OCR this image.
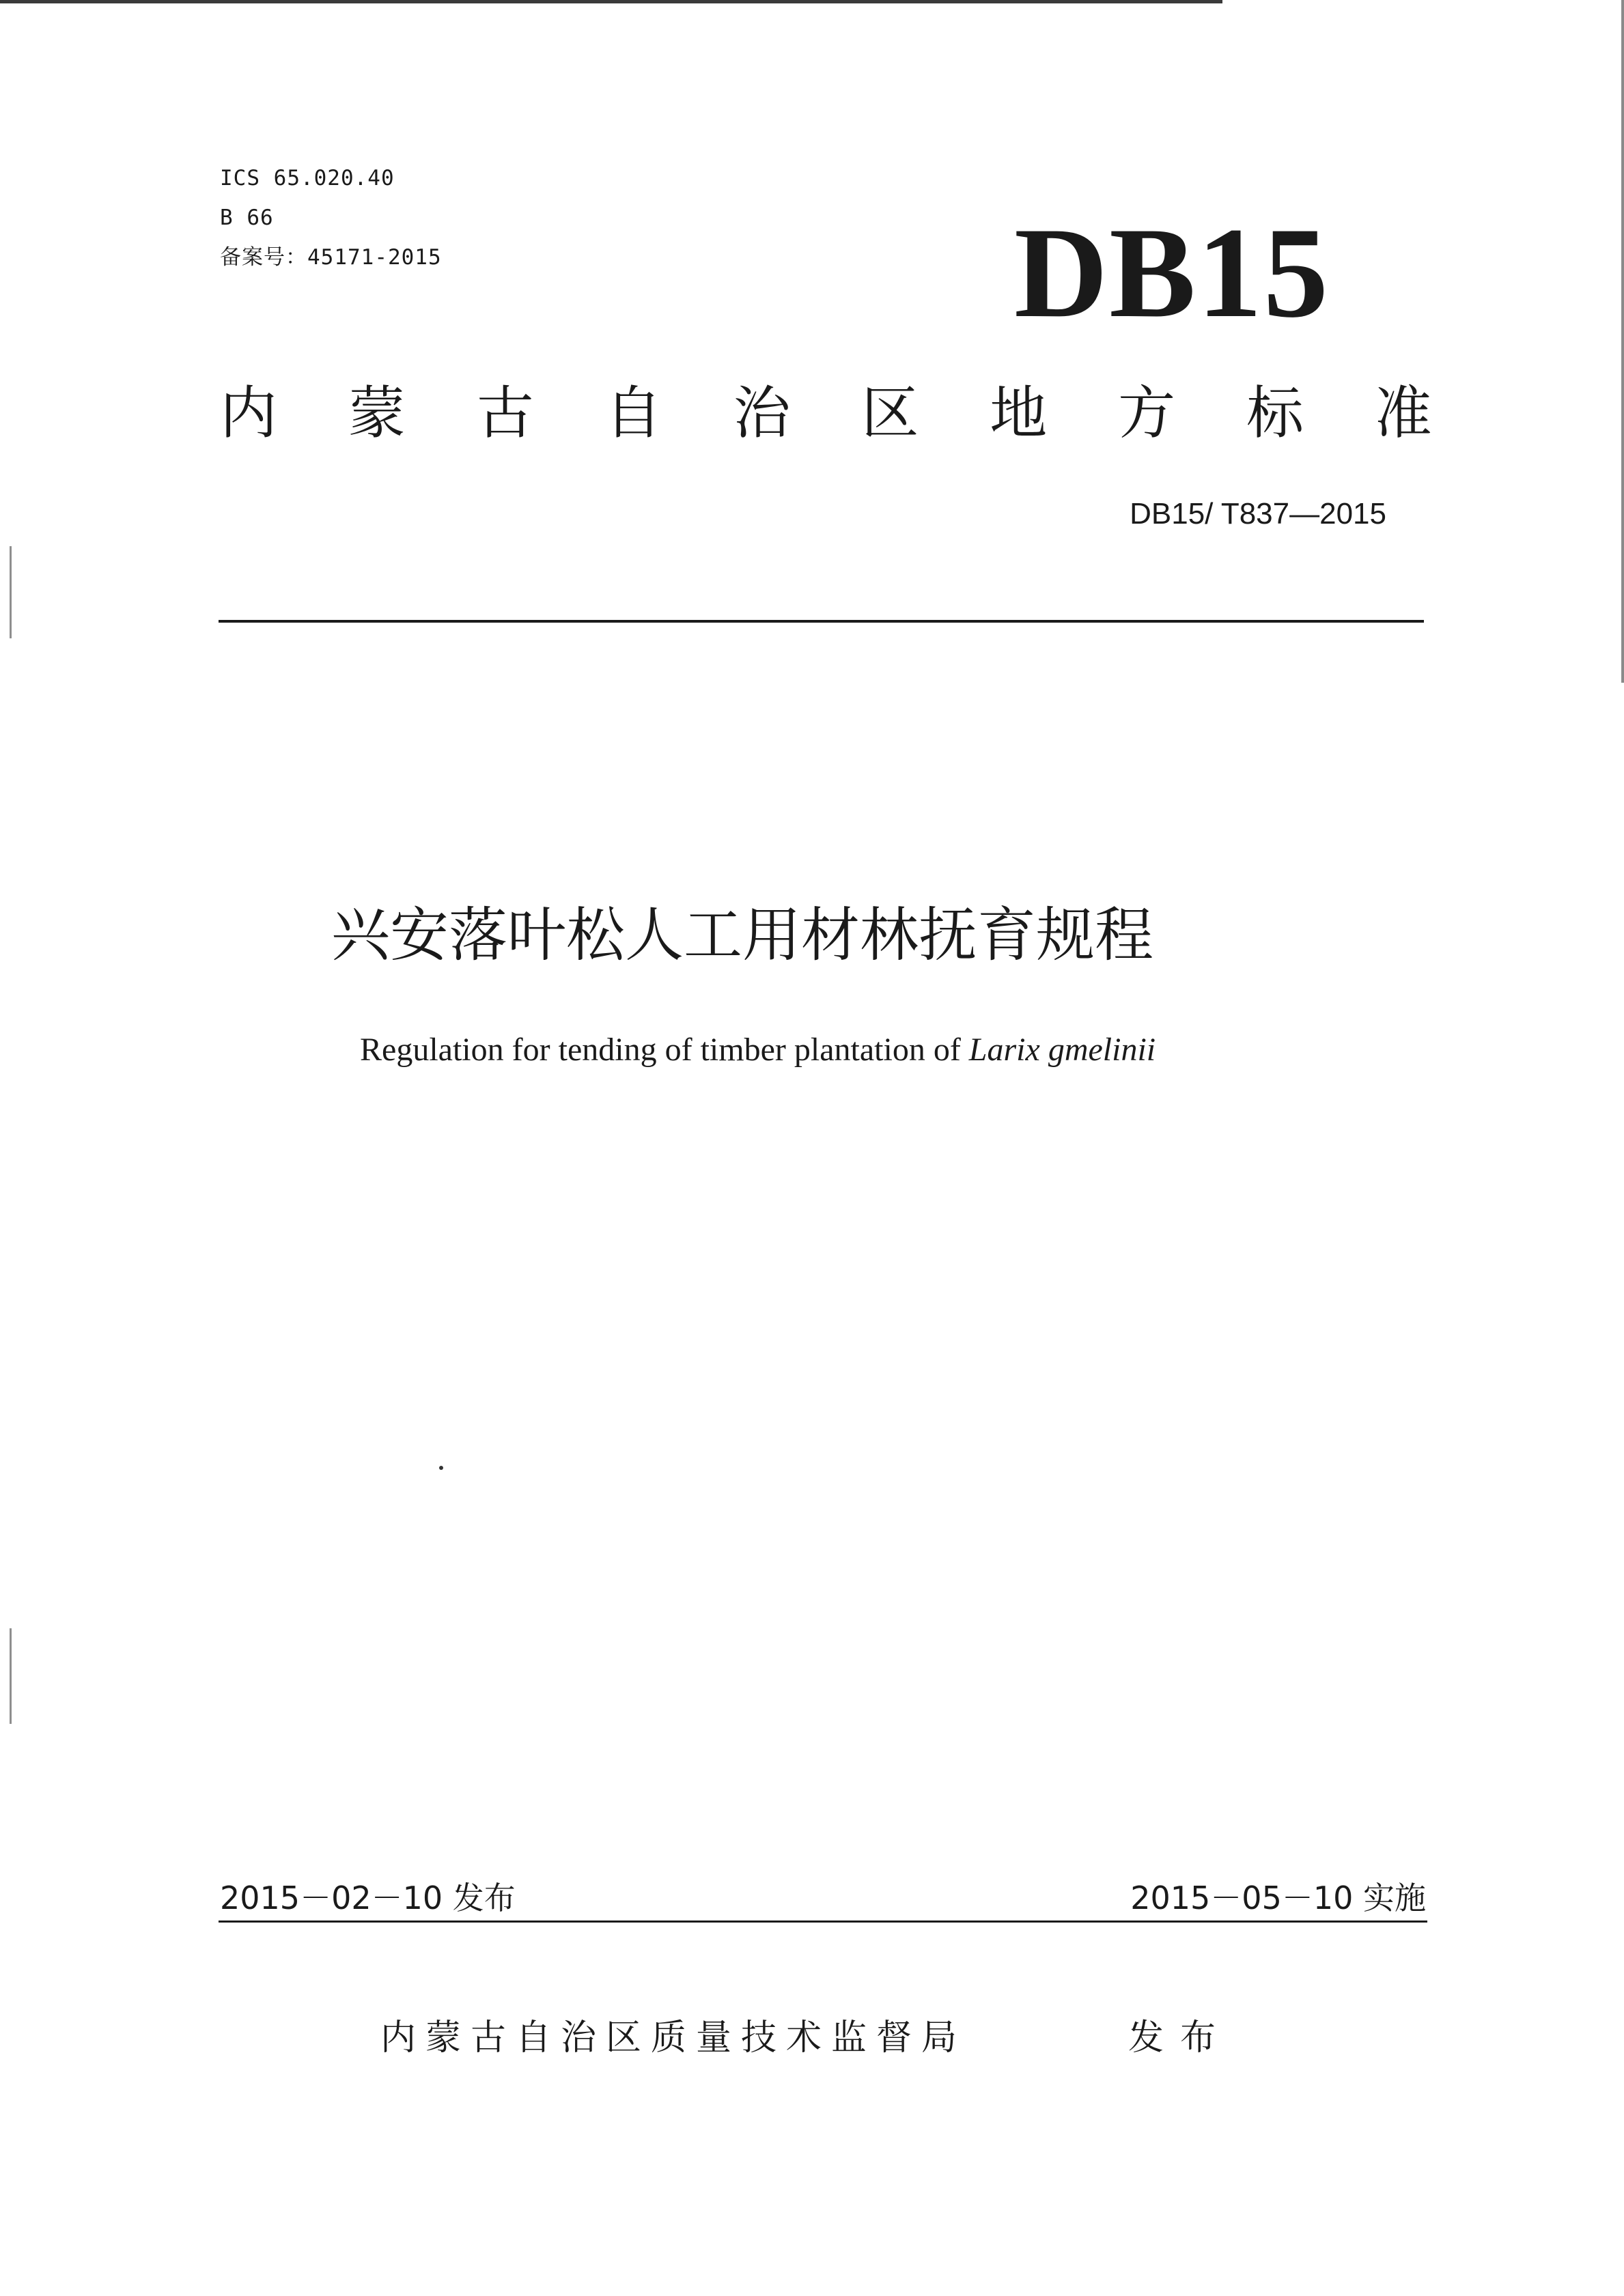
ICS 65.020.40
B 66
备案号：45171-2015	DB15
内 蒙 古 自 治 区 地 方 标 准
DB15/ T837—2015
兴安落叶松人工用材林抚育规程
Regulation for tending of timber plantation of Larix gmelinii
2015－02－10 发布	2015－05－10 实施
内蒙古自治区质量技术监督局	发布
